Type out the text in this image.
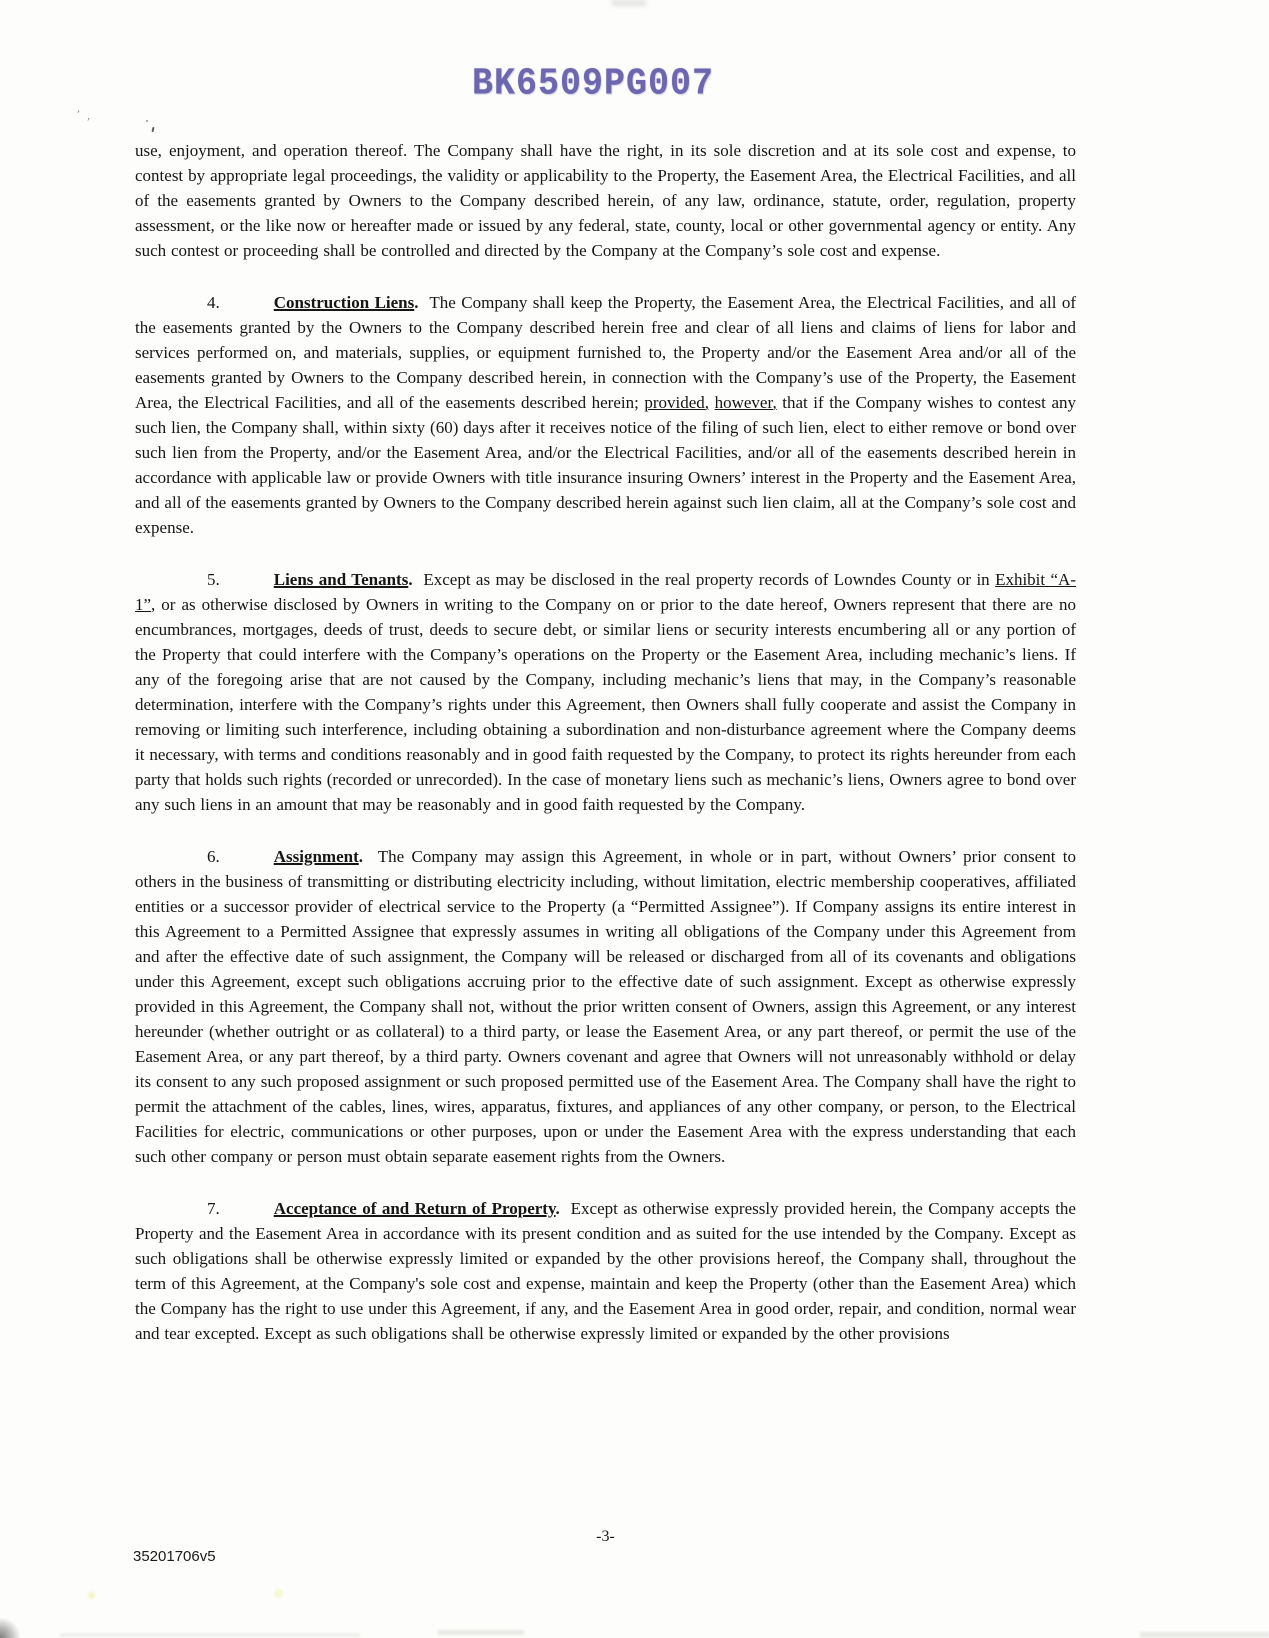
BK6509PG007
’,

use, enjoyment, and operation thereof. The Company shall have the right, in its sole discretion and at its sole cost and expense, to contest by appropriate legal proceedings, the validity or applicability to the Property, the Easement Area, the Electrical Facilities, and all of the easements granted by Owners to the Company described herein, of any law, ordinance, statute, order, regulation, property assessment, or the like now or hereafter made or issued by any federal, state, county, local or other governmental agency or entity. Any such contest or proceeding shall be controlled and directed by the Company at the Company’s sole cost and expense.

4.	Construction Liens.  The Company shall keep the Property, the Easement Area, the Electrical Facilities, and all of the easements granted by the Owners to the Company described herein free and clear of all liens and claims of liens for labor and services performed on, and materials, supplies, or equipment furnished to, the Property and/or the Easement Area and/or all of the easements granted by Owners to the Company described herein, in connection with the Company’s use of the Property, the Easement Area, the Electrical Facilities, and all of the easements described herein; provided, however, that if the Company wishes to contest any such lien, the Company shall, within sixty (60) days after it receives notice of the filing of such lien, elect to either remove or bond over such lien from the Property, and/or the Easement Area, and/or the Electrical Facilities, and/or all of the easements described herein in accordance with applicable law or provide Owners with title insurance insuring Owners’ interest in the Property and the Easement Area, and all of the easements granted by Owners to the Company described herein against such lien claim, all at the Company’s sole cost and expense.

5.	Liens and Tenants.  Except as may be disclosed in the real property records of Lowndes County or in Exhibit “A-1”, or as otherwise disclosed by Owners in writing to the Company on or prior to the date hereof, Owners represent that there are no encumbrances, mortgages, deeds of trust, deeds to secure debt, or similar liens or security interests encumbering all or any portion of the Property that could interfere with the Company’s operations on the Property or the Easement Area, including mechanic’s liens. If any of the foregoing arise that are not caused by the Company, including mechanic’s liens that may, in the Company’s reasonable determination, interfere with the Company’s rights under this Agreement, then Owners shall fully cooperate and assist the Company in removing or limiting such interference, including obtaining a subordination and non-disturbance agreement where the Company deems it necessary, with terms and conditions reasonably and in good faith requested by the Company, to protect its rights hereunder from each party that holds such rights (recorded or unrecorded). In the case of monetary liens such as mechanic’s liens, Owners agree to bond over any such liens in an amount that may be reasonably and in good faith requested by the Company.

6.	Assignment.  The Company may assign this Agreement, in whole or in part, without Owners’ prior consent to others in the business of transmitting or distributing electricity including, without limitation, electric membership cooperatives, affiliated entities or a successor provider of electrical service to the Property (a “Permitted Assignee”). If Company assigns its entire interest in this Agreement to a Permitted Assignee that expressly assumes in writing all obligations of the Company under this Agreement from and after the effective date of such assignment, the Company will be released or discharged from all of its covenants and obligations under this Agreement, except such obligations accruing prior to the effective date of such assignment. Except as otherwise expressly provided in this Agreement, the Company shall not, without the prior written consent of Owners, assign this Agreement, or any interest hereunder (whether outright or as collateral) to a third party, or lease the Easement Area, or any part thereof, or permit the use of the Easement Area, or any part thereof, by a third party. Owners covenant and agree that Owners will not unreasonably withhold or delay its consent to any such proposed assignment or such proposed permitted use of the Easement Area. The Company shall have the right to permit the attachment of the cables, lines, wires, apparatus, fixtures, and appliances of any other company, or person, to the Electrical Facilities for electric, communications or other purposes, upon or under the Easement Area with the express understanding that each such other company or person must obtain separate easement rights from the Owners.

7.	Acceptance of and Return of Property.  Except as otherwise expressly provided herein, the Company accepts the Property and the Easement Area in accordance with its present condition and as suited for the use intended by the Company. Except as such obligations shall be otherwise expressly limited or expanded by the other provisions hereof, the Company shall, throughout the term of this Agreement, at the Company's sole cost and expense, maintain and keep the Property (other than the Easement Area) which the Company has the right to use under this Agreement, if any, and the Easement Area in good order, repair, and condition, normal wear and tear excepted. Except as such obligations shall be otherwise expressly limited or expanded by the other provisions

-3-
35201706v5
